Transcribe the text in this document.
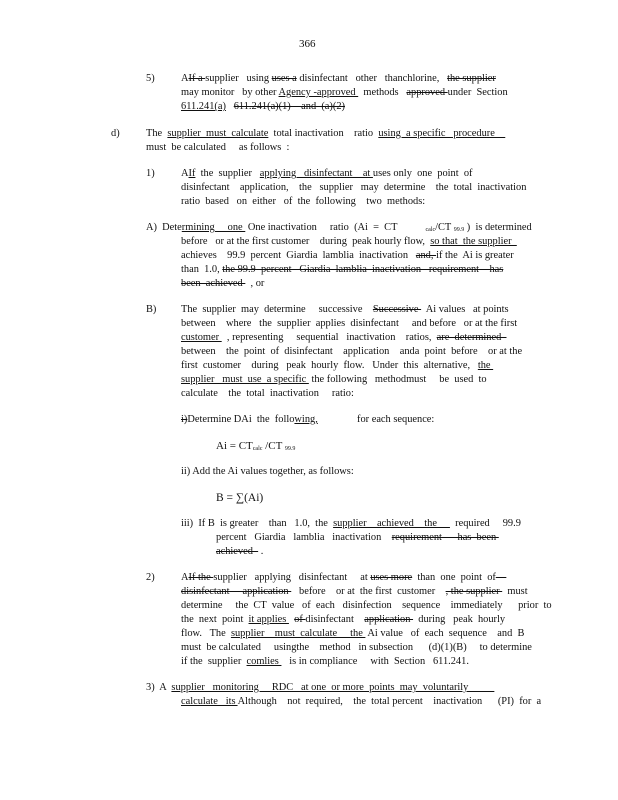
366
5)	AIf a supplier   using uses a disinfectant   other   thanchlorine,   the supplier
may monitor   by other Agency -approved   methods   approved under  Section
611.241(a) 611.241(a)(1)    and  (a)(2)
d)	The  supplier  must  calculate  total inactivation    ratio  using  a specific   procedure
must  be calculated     as follows  :
1)	AIf  the  supplier   applying   disinfectant    at uses only  one  point  of
disinfectant    application,    the   supplier   may  determine    the  total  inactivation
ratio  based   on  either   of  the  following    two  methods:
A)  Determining     one  One inactivation     ratio  (Ai  =  CT	calc/CT 99.9 )  is determined
before   or at the first customer    during  peak hourly flow,  so that  the supplier
achieves    99.9  percent  Giardia  lamblia  inactivation   and, if the  Ai is greater
than  1.0, the 99.9  percent   Giardia  lamblia  inactivation   requirement    has
been  achieved   , or
B) The  supplier  may  determine     successive    Successive   Ai values   at points
between    where   the  supplier  applies  disinfectant     and before   or at the first
customer   , representing     sequential   inactivation    ratios,  are  determined
between    the  point  of  disinfectant    application    anda  point  before    or at the
first  customer    during   peak  hourly  flow.   Under  this  alternative,   the
supplier   must  use  a specific  the following   methodmust     be  used  to
calculate    the  total  inactivation     ratio:
i)Determine DAi  the  following,	for each sequence:
Ai = CTcalc /CT 99.9
ii) Add the Ai values together, as follows:
B = ∑(Ai)
iii)  If B  is greater    than   1.0,  the  supplier    achieved    the       required     99.9
percent   Giardia   lamblia   inactivation    requirement      has  been
achieved   .
2)	AIf the supplier   applying   disinfectant     at uses more  than  one  point  of—
disinfectant     application    before    or at  the first  customer    , the supplier   must
determine     the  CT  value   of  each   disinfection    sequence    immediately      prior  to
the  next  point  it applies   of disinfectant    application   during   peak  hourly
flow.   The  supplier    must  calculate     the  Ai value   of  each  sequence    and  B
must  be calculated     usingthe    method   in subsection      (d)(1)(B)     to determine
if the  supplier  comlies    is in compliance     with  Section   611.241.
3)  A  supplier   monitoring     RDC   at one  or more  points  may  voluntarily
calculate   its Although    not  required,    the  total percent    inactivation      (PI)  for  a
